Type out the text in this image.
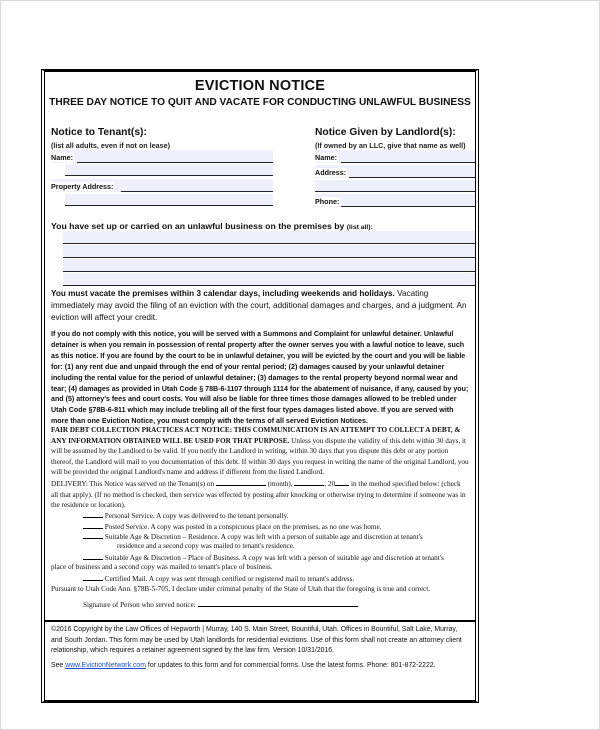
EVICTION NOTICE
THREE DAY NOTICE TO QUIT AND VACATE FOR CONDUCTING UNLAWFUL BUSINESS
Notice to Tenant(s):
(list all adults, even if not on lease)
Name:
Property Address:
Notice Given by Landlord(s):
(If owned by an LLC, give that name as well)
Name:
Address:
Phone:
You have set up or carried on an unlawful business on the premises by (list all):
You must vacate the premises within 3 calendar days, including weekends and holidays. Vacating immediately may avoid the filing of an eviction with the court, additional damages and charges, and a judgment. An eviction will affect your credit.
If you do not comply with this notice, you will be served with a Summons and Complaint for unlawful detainer. Unlawful detainer is when you remain in possession of rental property after the owner serves you with a lawful notice to leave, such as this notice. If you are found by the court to be in unlawful detainer, you will be evicted by the court and you will be liable for: (1) any rent due and unpaid through the end of your rental period; (2) damages caused by your unlawful detainer including the rental value for the period of unlawful detainer; (3) damages to the rental property beyond normal wear and tear; (4) damages as provided in Utah Code § 78B-6-1107 through 1114 for the abatement of nuisance, if any, caused by you; and (5) attorney's fees and court costs. You will also be liable for three times those damages allowed to be trebled under Utah Code §78B-6-811 which may include trebling all of the first four types damages listed above. If you are served with more than one Eviction Notice, you must comply with the terms of all served Eviction Notices.
FAIR DEBT COLLECTION PRACTICES ACT NOTICE: THIS COMMUNICATION IS AN ATTEMPT TO COLLECT A DEBT, & ANY INFORMATION OBTAINED WILL BE USED FOR THAT PURPOSE. Unless you dispute the validity of this debt within 30 days, it will be assumed by the Landlord to be valid. If you notify the Landlord in writing, within 30 days that you dispute this debt or any portion thereof, the Landlord will mail to you documentation of this debt. If within 30 days you request in writing the name of the original Landlord, you will be provided the original Landlord's name and address if different from the listed Landlord.
DELIVERY: This Notice was served on the Tenant(s) on	(month),	, 20 in the method specified below: (check all that apply). (If no method is checked, then service was effected by posting after knocking or otherwise trying to determine if someone was in the residence or location).
Personal Service. A copy was delivered to the tenant personally.
Posted Service. A copy was posted in a conspicuous place on the premises, as no one was home.
Suitable Age & Discretion – Residence. A copy was left with a person of suitable age and discretion at tenant's
residence and a second copy was mailed to tenant's residence.
Suitable Age & Discretion – Place of Business. A copy was left with a person of suitable age and discretion at tenant's
place of business and a second copy was mailed to tenant's place of business.
Certified Mail. A copy was sent through certified or registered mail to tenant's address.
Pursuant to Utah Code Ann. §78B-5-705, I declare under criminal penalty of the State of Utah that the foregoing is true and correct.
Signature of Person who served notice:
©2016 Copyright by the Law Offices of Hepworth | Murray, 140 S. Main Street, Bountiful, Utah. Offices in Bountiful, Salt Lake, Murray, and South Jordan. This form may be used by Utah landlords for residential evictions. Use of this form shall not create an attorney client relationship, which requires a retainer agreement signed by the law firm. Version 10/31/2016.
See www.EvictionNetwork.com for updates to this form and for commercial forms. Use the latest forms. Phone: 801-872-2222.
